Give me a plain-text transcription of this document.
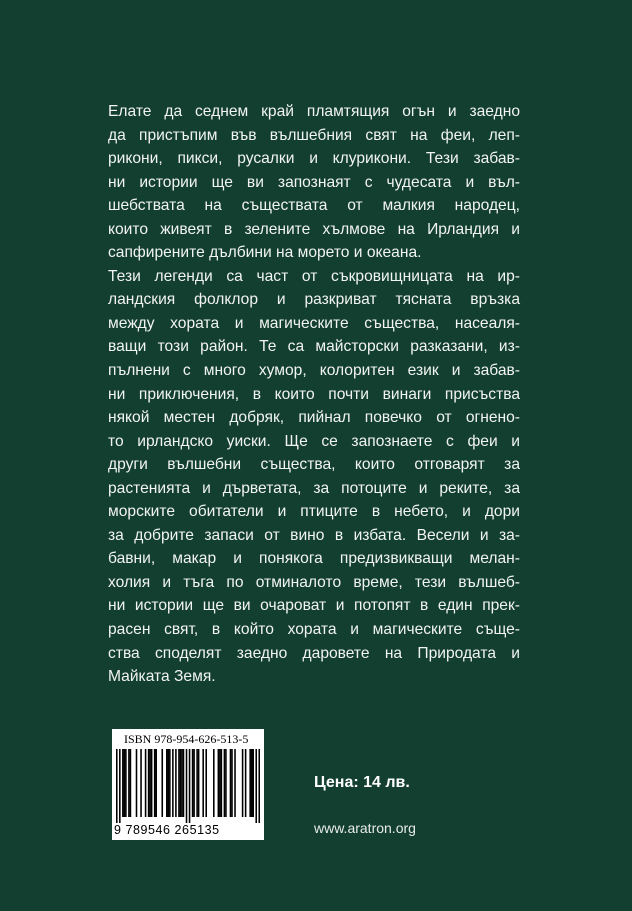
Елате да седнем край пламтящия огън и заедно
да пристъпим във вълшебния свят на феи, леп-
рикони, пикси, русалки и клурикони. Тези забав-
ни истории ще ви запознаят с чудесата и въл-
шебствата на съществата от малкия народец,
които живеят в зелените хълмове на Ирландия и
сапфирените дълбини на морето и океана.
Тези легенди са част от съкровищницата на ир-
ландския фолклор и разкриват тясната връзка
между хората и магическите същества, насеаля-
ващи този район. Те са майсторски разказани, из-
пълнени с много хумор, колоритен език и забав-
ни приключения, в които почти винаги присъства
някой местен добряк, пийнал повечко от огнено-
то ирландско уиски. Ще се запознаете с феи и
други вълшебни същества, които отговарят за
растенията и дърветата, за потоците и реките, за
морските обитатели и птиците в небето, и дори
за добрите запаси от вино в избата. Весели и за-
бавни, макар и понякога предизвикващи мелан-
холия и тъга по отминалото време, тези вълшеб-
ни истории ще ви очароват и потопят в един прек-
расен свят, в който хората и магическите съще-
ства споделят заедно даровете на Природата и
Майката Земя.
ISBN 978-954-626-513-5
9 789546 265135
Цена: 14 лв.
www.aratron.org
